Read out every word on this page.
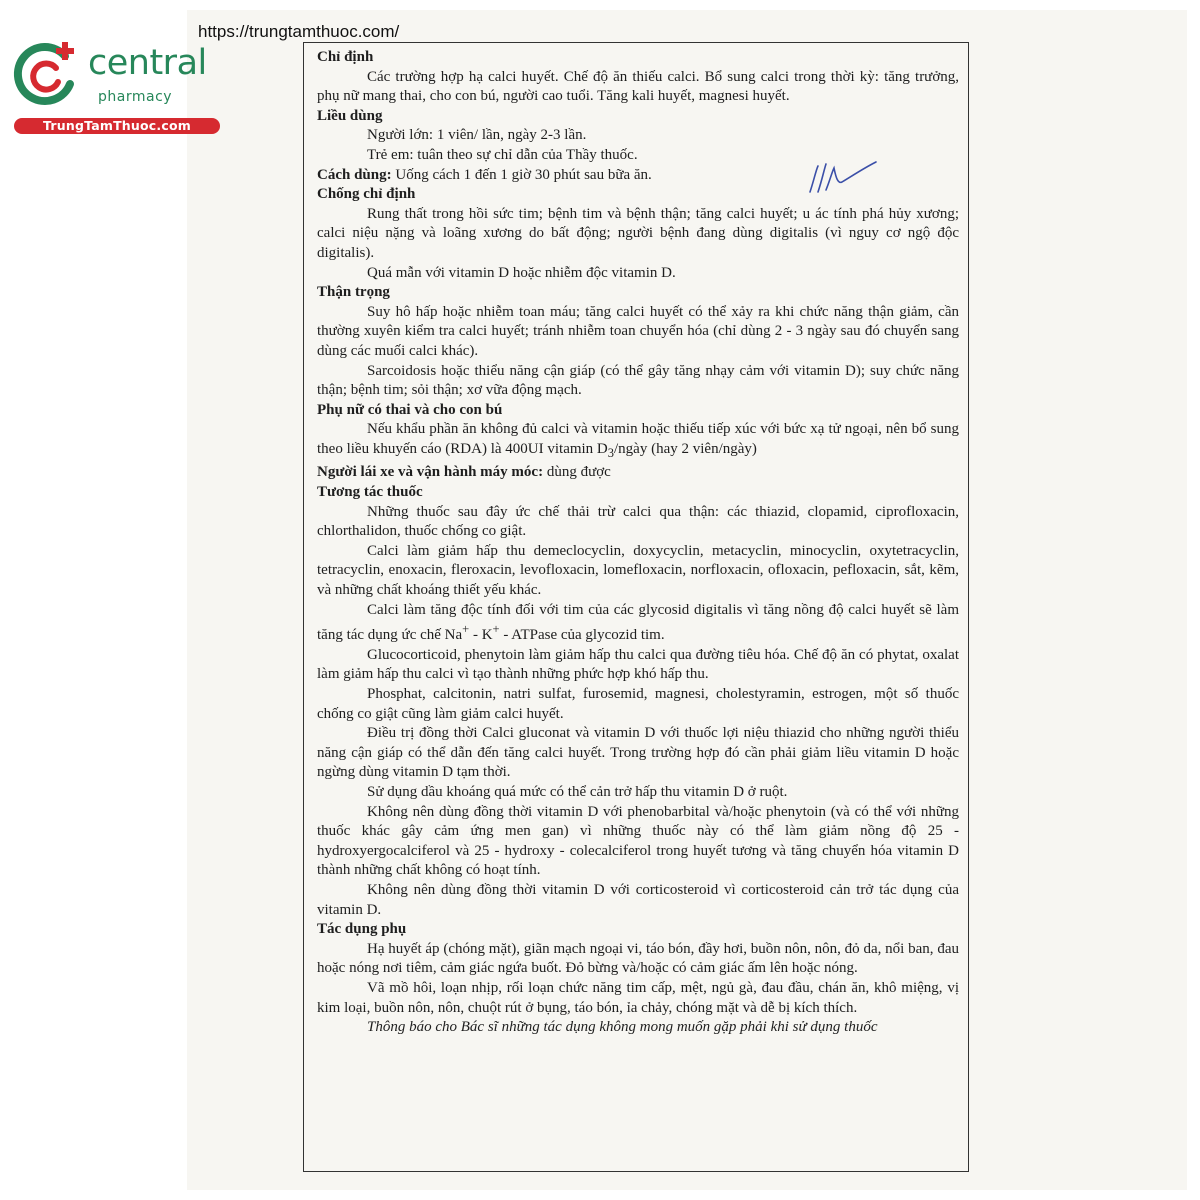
https://trungtamthuoc.com/
central
pharmacy
TrungTamThuoc.com

Chỉ định

Các trường hợp hạ calci huyết. Chế độ ăn thiếu calci. Bổ sung calci trong thời kỳ: tăng trưởng, phụ nữ mang thai, cho con bú, người cao tuổi. Tăng kali huyết, magnesi huyết.

Liều dùng

Người lớn: 1 viên/ lần, ngày 2-3 lần.

Trẻ em: tuân theo sự chỉ dẫn của Thầy thuốc.

Cách dùng: Uống cách 1 đến 1 giờ 30 phút sau bữa ăn.

Chống chỉ định

Rung thất trong hồi sức tim; bệnh tim và bệnh thận; tăng calci huyết; u ác tính phá hủy xương; calci niệu nặng và loãng xương do bất động; người bệnh đang dùng digitalis (vì nguy cơ ngộ độc digitalis).

Quá mẫn với vitamin D hoặc nhiễm độc vitamin D.

Thận trọng

Suy hô hấp hoặc nhiễm toan máu; tăng calci huyết có thể xảy ra khi chức năng thận giảm, cần thường xuyên kiểm tra calci huyết; tránh nhiễm toan chuyển hóa (chỉ dùng 2 - 3 ngày sau đó chuyển sang dùng các muối calci khác).

Sarcoidosis hoặc thiểu năng cận giáp (có thể gây tăng nhạy cảm với vitamin D); suy chức năng thận; bệnh tim; sỏi thận; xơ vữa động mạch.

Phụ nữ có thai và cho con bú

Nếu khẩu phần ăn không đủ calci và vitamin hoặc thiếu tiếp xúc với bức xạ tử ngoại, nên bổ sung theo liều khuyến cáo (RDA) là 400UI vitamin $D_3$/ngày (hay 2 viên/ngày)

Người lái xe và vận hành máy móc: dùng được

Tương tác thuốc

Những thuốc sau đây ức chế thải trừ calci qua thận: các thiazid, clopamid, ciprofloxacin, chlorthalidon, thuốc chống co giật.

Calci làm giảm hấp thu demeclocyclin, doxycyclin, metacyclin, minocyclin, oxytetracyclin, tetracyclin, enoxacin, fleroxacin, levofloxacin, lomefloxacin, norfloxacin, ofloxacin, pefloxacin, sắt, kẽm, và những chất khoáng thiết yếu khác.

Calci làm tăng độc tính đối với tim của các glycosid digitalis vì tăng nồng độ calci huyết sẽ làm tăng tác dụng ức chế Na+ - K+ - ATPase của glycozid tim.

Glucocorticoid, phenytoin làm giảm hấp thu calci qua đường tiêu hóa. Chế độ ăn có phytat, oxalat làm giảm hấp thu calci vì tạo thành những phức hợp khó hấp thu.

Phosphat, calcitonin, natri sulfat, furosemid, magnesi, cholestyramin, estrogen, một số thuốc chống co giật cũng làm giảm calci huyết.

Điều trị đồng thời Calci gluconat và vitamin D với thuốc lợi niệu thiazid cho những người thiểu năng cận giáp có thể dẫn đến tăng calci huyết. Trong trường hợp đó cần phải giảm liều vitamin D hoặc ngừng dùng vitamin D tạm thời.

Sử dụng dầu khoáng quá mức có thể cản trở hấp thu vitamin D ở ruột.

Không nên dùng đồng thời vitamin D với phenobarbital và/hoặc phenytoin (và có thể với những thuốc khác gây cảm ứng men gan) vì những thuốc này có thể làm giảm nồng độ 25 - hydroxyergocalciferol và 25 - hydroxy - colecalciferol trong huyết tương và tăng chuyển hóa vitamin D thành những chất không có hoạt tính.

Không nên dùng đồng thời vitamin D với corticosteroid vì corticosteroid cản trở tác dụng của vitamin D.

Tác dụng phụ

Hạ huyết áp (chóng mặt), giãn mạch ngoại vi, táo bón, đầy hơi, buồn nôn, nôn, đỏ da, nổi ban, đau hoặc nóng nơi tiêm, cảm giác ngứa buốt. Đỏ bừng và/hoặc có cảm giác ấm lên hoặc nóng.

Vã mồ hôi, loạn nhịp, rối loạn chức năng tim cấp, mệt, ngủ gà, đau đầu, chán ăn, khô miệng, vị kim loại, buồn nôn, nôn, chuột rút ở bụng, táo bón, ỉa chảy, chóng mặt và dễ bị kích thích.

Thông báo cho Bác sĩ những tác dụng không mong muốn gặp phải khi sử dụng thuốc
